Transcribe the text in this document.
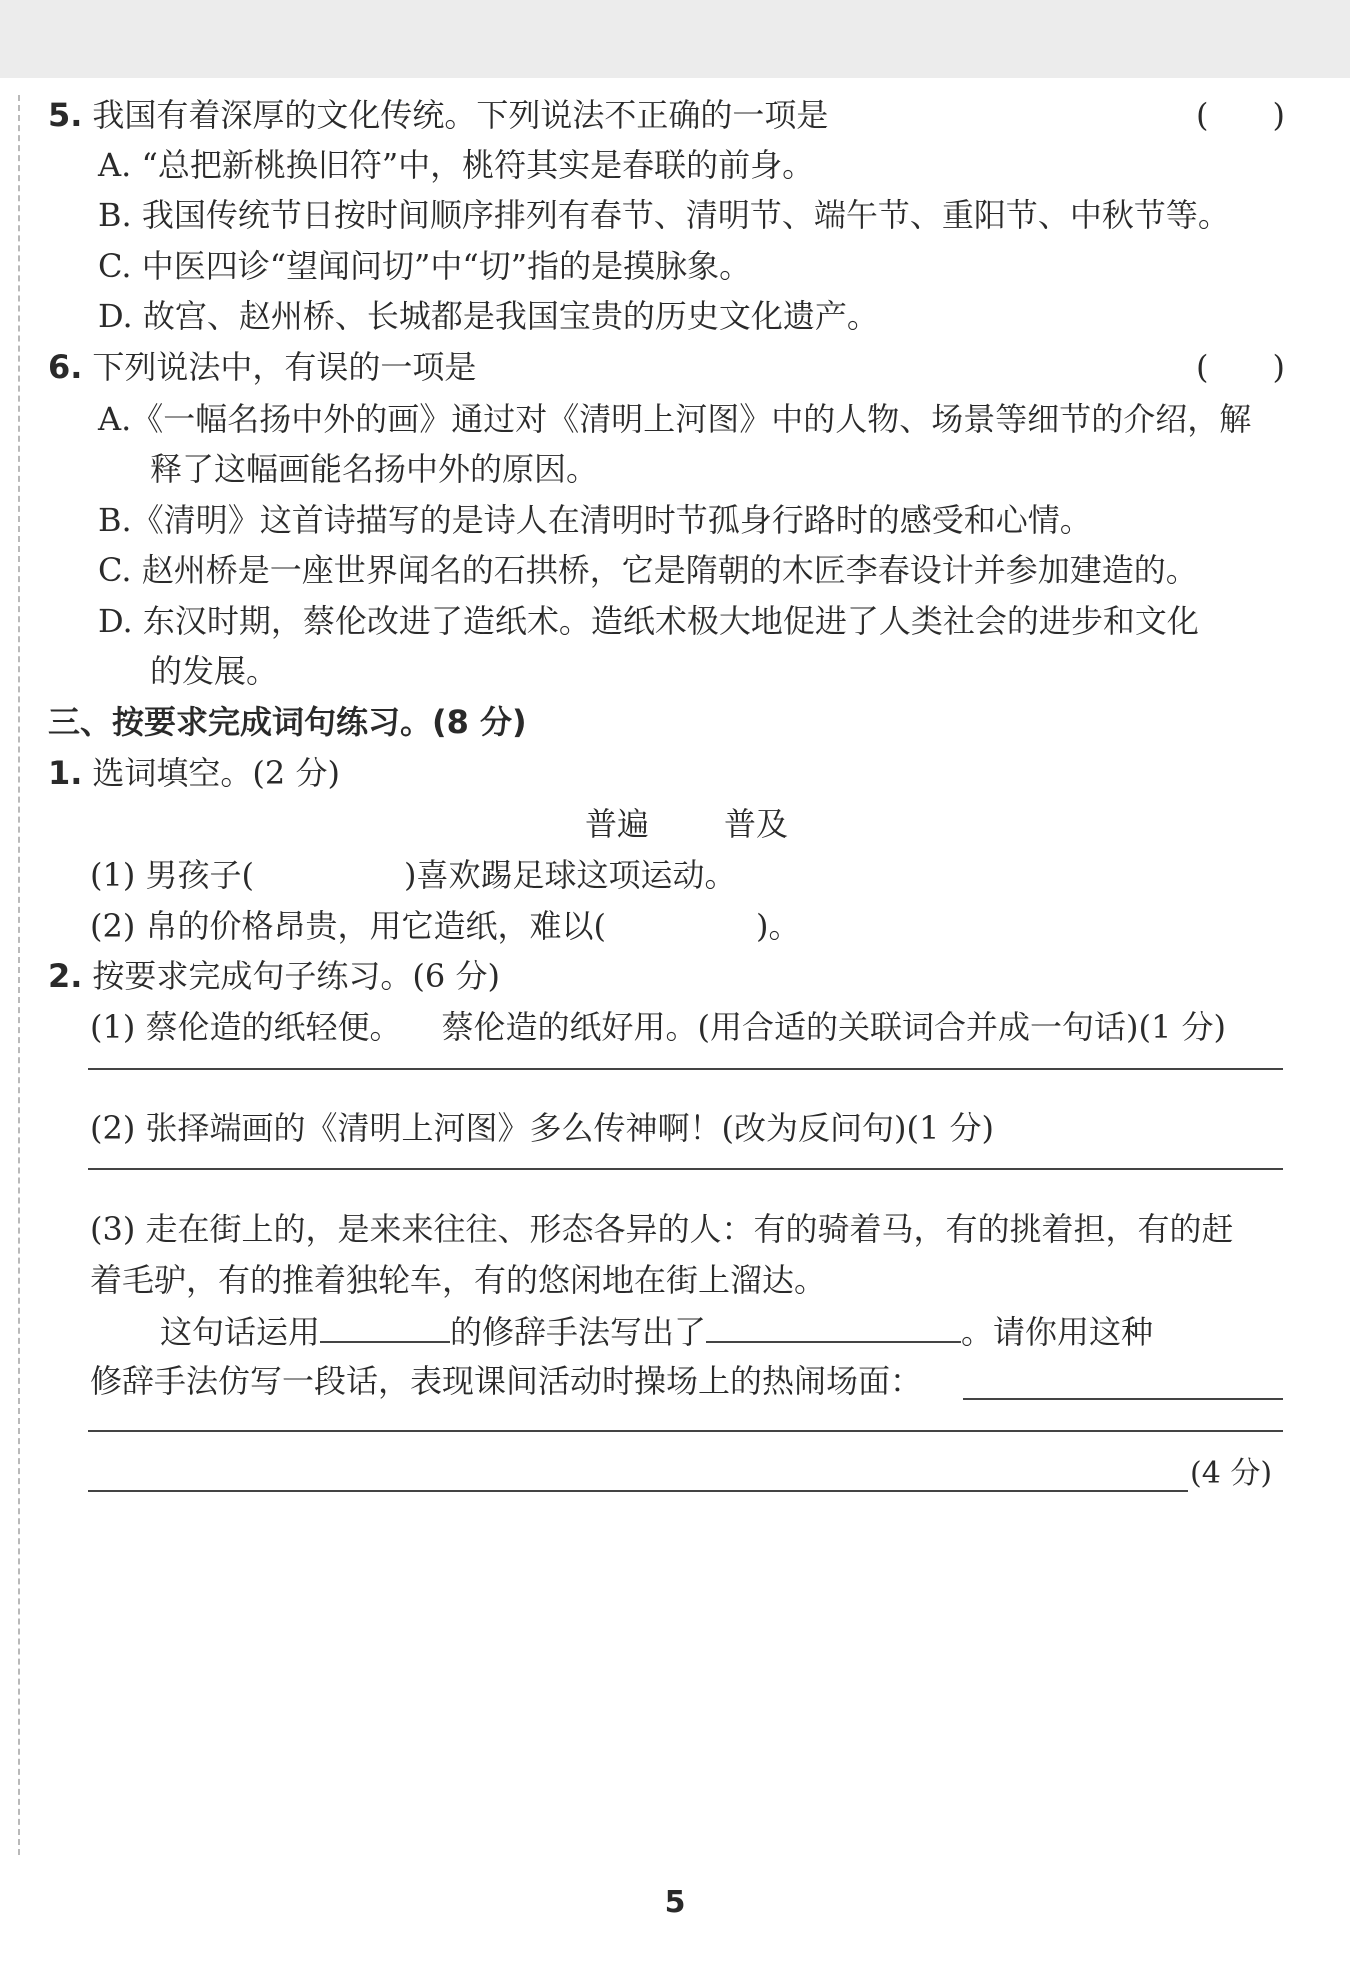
5. 我国有着深厚的文化传统。下列说法不正确的一项是	(　　)
A. “总把新桃换旧符”中，桃符其实是春联的前身。
B. 我国传统节日按时间顺序排列有春节、清明节、端午节、重阳节、中秋节等。
C. 中医四诊“望闻问切”中“切”指的是摸脉象。
D. 故宫、赵州桥、长城都是我国宝贵的历史文化遗产。
6. 下列说法中，有误的一项是	(　　)
A.《一幅名扬中外的画》通过对《清明上河图》中的人物、场景等细节的介绍，解
释了这幅画能名扬中外的原因。
B.《清明》这首诗描写的是诗人在清明时节孤身行路时的感受和心情。
C. 赵州桥是一座世界闻名的石拱桥，它是隋朝的木匠李春设计并参加建造的。
D. 东汉时期，蔡伦改进了造纸术。造纸术极大地促进了人类社会的进步和文化
的发展。
三、按要求完成词句练习。(8 分)
1. 选词填空。(2 分)
普遍 普及
(1) 男孩子(	)喜欢踢足球这项运动。
(2) 帛的价格昂贵，用它造纸，难以(	)。
2. 按要求完成句子练习。(6 分)
(1) 蔡伦造的纸轻便。 蔡伦造的纸好用。(用合适的关联词合并成一句话)(1 分)
(2) 张择端画的《清明上河图》多么传神啊！(改为反问句)(1 分)
(3) 走在街上的，是来来往往、形态各异的人：有的骑着马，有的挑着担，有的赶
着毛驴，有的推着独轮车，有的悠闲地在街上溜达。
这句话运用	的修辞手法写出了	。请你用这种
修辞手法仿写一段话，表现课间活动时操场上的热闹场面：
(4 分)
5
